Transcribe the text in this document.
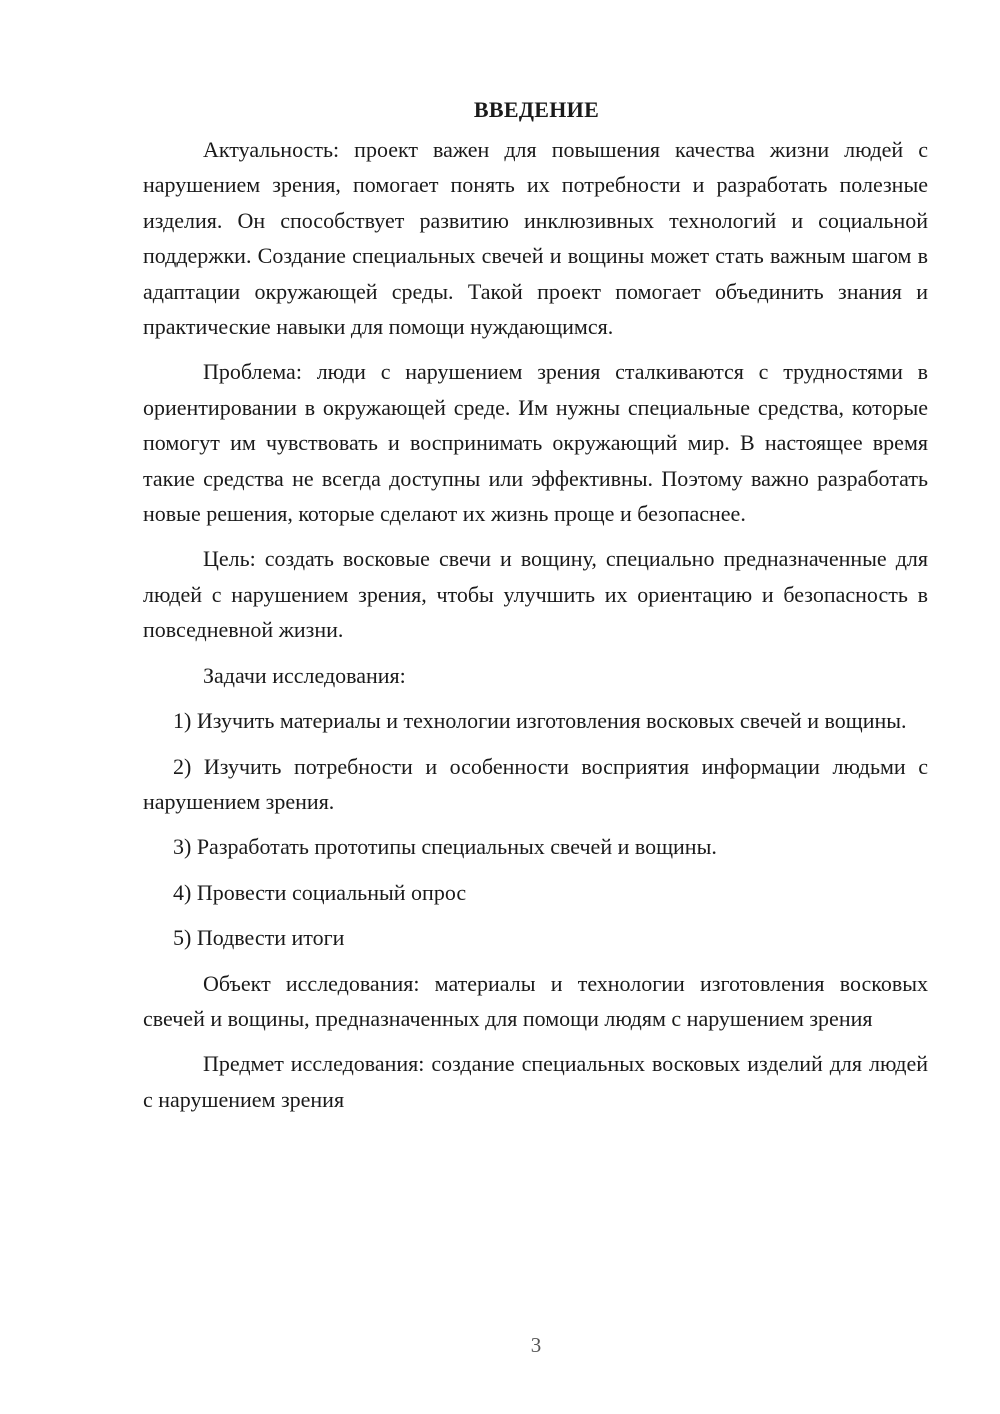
ВВЕДЕНИЕ

Актуальность: проект важен для повышения качества жизни людей с нарушением зрения, помогает понять их потребности и разработать полезные изделия. Он способствует развитию инклюзивных технологий и социальной поддержки. Создание специальных свечей и вощины может стать важным шагом в адаптации окружающей среды. Такой проект помогает объединить знания и практические навыки для помощи нуждающимся.

Проблема: люди с нарушением зрения сталкиваются с трудностями в ориентировании в окружающей среде. Им нужны специальные средства, которые помогут им чувствовать и воспринимать окружающий мир. В настоящее время такие средства не всегда доступны или эффективны. Поэтому важно разработать новые решения, которые сделают их жизнь проще и безопаснее.

Цель: создать восковые свечи и вощину, специально предназначенные для людей с нарушением зрения, чтобы улучшить их ориентацию и безопасность в повседневной жизни.

Задачи исследования:

1) Изучить материалы и технологии изготовления восковых свечей и вощины.

2) Изучить потребности и особенности восприятия информации людьми с нарушением зрения.

3) Разработать прототипы специальных свечей и вощины.

4) Провести социальный опрос

5) Подвести итоги

Объект исследования: материалы и технологии изготовления восковых свечей и вощины, предназначенных для помощи людям с нарушением зрения

Предмет исследования: создание специальных восковых изделий для людей с нарушением зрения

3
